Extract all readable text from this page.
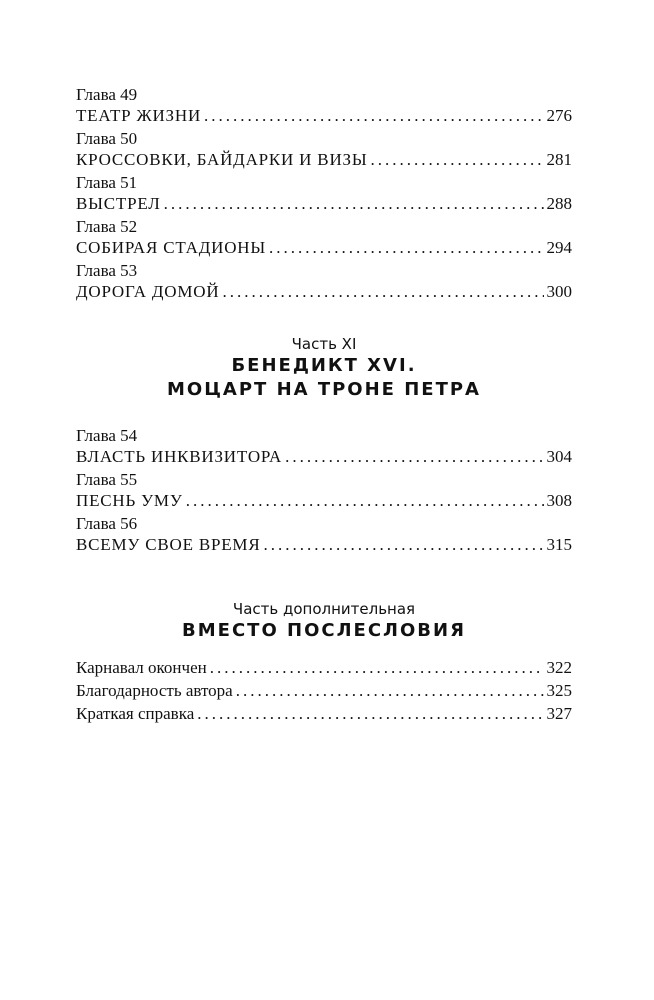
Глава 49
ТЕАТР ЖИЗНИ .....	276
Глава 50
КРОССОВКИ, БАЙДАРКИ И ВИЗЫ .....	281
Глава 51
ВЫСТРЕЛ .....	288
Глава 52
СОБИРАЯ СТАДИОНЫ .....	294
Глава 53
ДОРОГА ДОМОЙ .....	300
Часть XI
БЕНЕДИКТ XVI.
МОЦАРТ НА ТРОНЕ ПЕТРА
Глава 54
ВЛАСТЬ ИНКВИЗИТОРА .....	304
Глава 55
ПЕСНЬ УМУ .....	308
Глава 56
ВСЕМУ СВОЕ ВРЕМЯ .....	315
Часть дополнительная
ВМЕСТО ПОСЛЕСЛОВИЯ
Карнавал окончен .....	322
Благодарность автора .....	325
Краткая справка .....	327
